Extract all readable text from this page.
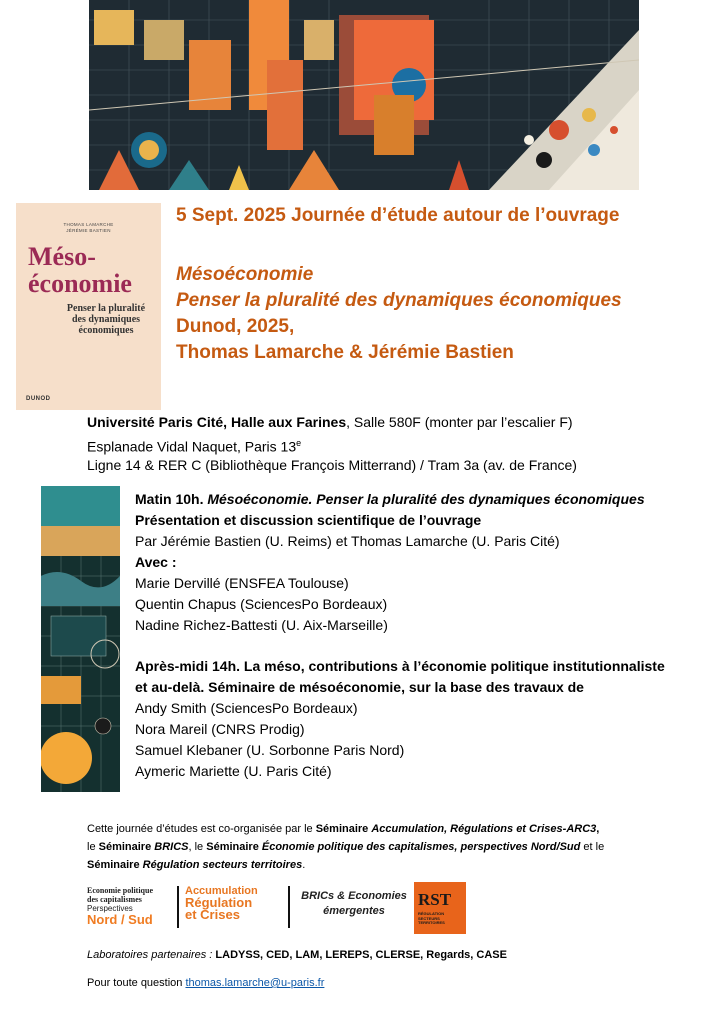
THOMAS LAMARCHE
JÉRÉMIE BASTIEN
Méso-
économie
Penser la pluralité
des dynamiques
économiques
DUNOD
5 Sept. 2025 Journée d’étude autour de l’ouvrage
Mésoéconomie
Penser la pluralité des dynamiques économiques
Dunod, 2025,
Thomas Lamarche & Jérémie Bastien
Université Paris Cité, Halle aux Farines, Salle 580F (monter par l’escalier F)
Esplanade Vidal Naquet, Paris 13e
Ligne 14 & RER C (Bibliothèque François Mitterrand) / Tram 3a (av. de France)
Matin 10h. Mésoéconomie. Penser la pluralité des dynamiques économiques
Présentation et discussion scientifique de l’ouvrage
Par Jérémie Bastien (U. Reims) et Thomas Lamarche (U. Paris Cité)
Avec :
Marie Dervillé (ENSFEA Toulouse)
Quentin Chapus (SciencesPo Bordeaux)
Nadine Richez-Battesti (U. Aix-Marseille)
Après-midi 14h. La méso, contributions à l’économie politique institutionnaliste
et au-delà. Séminaire de mésoéconomie, sur la base des travaux de
Andy Smith (SciencesPo Bordeaux)
Nora Mareil (CNRS Prodig)
Samuel Klebaner (U. Sorbonne Paris Nord)
Aymeric Mariette (U. Paris Cité)
Cette journée d’études est co-organisée par le Séminaire Accumulation, Régulations et Crises-ARC3,
le Séminaire BRICS, le Séminaire Économie politique des capitalismes, perspectives Nord/Sud et le
Séminaire Régulation secteurs territoires.
Economie politique
des capitalismes
Perspectives
Nord / Sud
Accumulation
Régulation
et Crises
BRICs & Economies
émergentes
RST
RÉGULATION
SECTEURS
TERRITOIRES
Laboratoires partenaires : LADYSS, CED, LAM, LEREPS, CLERSE, Regards, CASE
Pour toute question thomas.lamarche@u-paris.fr
